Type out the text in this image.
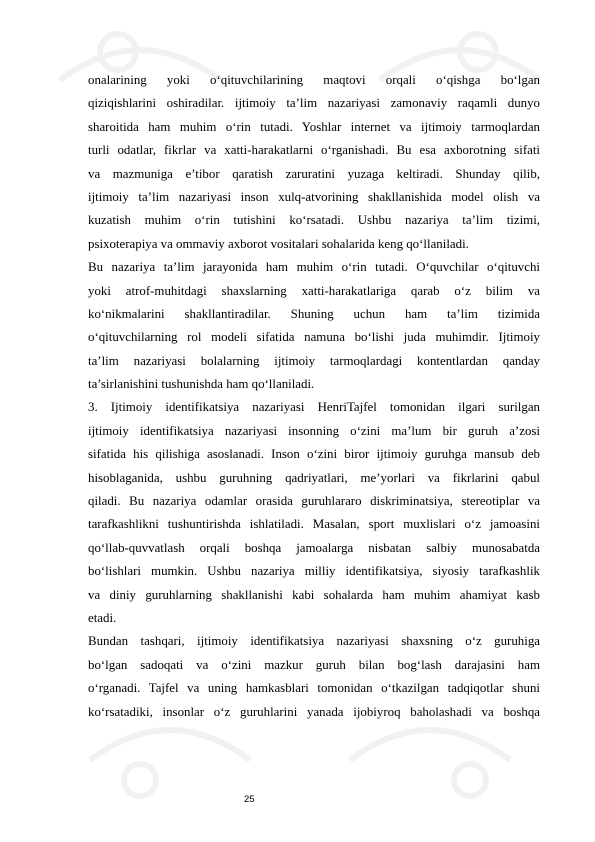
onalarining yoki o‘qituvchilarining maqtovi orqali o‘qishga bo‘lgan
qiziqishlarini oshiradilar. ijtimoiy ta’lim nazariyasi zamonaviy raqamli dunyo
sharoitida ham muhim o‘rin tutadi. Yoshlar internet va ijtimoiy tarmoqlardan
turli odatlar, fikrlar va xatti-harakatlarni o‘rganishadi. Bu esa axborotning sifati
va mazmuniga e’tibor qaratish zaruratini yuzaga keltiradi. Shunday qilib,
ijtimoiy ta’lim nazariyasi inson xulq-atvorining shakllanishida model olish va
kuzatish muhim o‘rin tutishini ko‘rsatadi. Ushbu nazariya ta’lim tizimi,
psixoterapiya va ommaviy axborot vositalari sohalarida keng qo‘llaniladi.
Bu nazariya ta’lim jarayonida ham muhim o‘rin tutadi. O‘quvchilar o‘qituvchi
yoki atrof-muhitdagi shaxslarning xatti-harakatlariga qarab o‘z bilim va
ko‘nikmalarini shakllantiradilar. Shuning uchun ham ta’lim tizimida
o‘qituvchilarning rol modeli sifatida namuna bo‘lishi juda muhimdir. Ijtimoiy
ta’lim nazariyasi bolalarning ijtimoiy tarmoqlardagi kontentlardan qanday
ta’sirlanishini tushunishda ham qo‘llaniladi.
3. Ijtimoiy identifikatsiya nazariyasi HenriTajfel tomonidan ilgari surilgan
ijtimoiy identifikatsiya nazariyasi insonning o‘zini ma’lum bir guruh a’zosi
sifatida his qilishiga asoslanadi. Inson o‘zini biror ijtimoiy guruhga mansub deb
hisoblaganida, ushbu guruhning qadriyatlari, me’yorlari va fikrlarini qabul
qiladi. Bu nazariya odamlar orasida guruhlararo diskriminatsiya, stereotiplar va
tarafkashlikni tushuntirishda ishlatiladi. Masalan, sport muxlislari o‘z jamoasini
qo‘llab-quvvatlash orqali boshqa jamoalarga nisbatan salbiy munosabatda
bo‘lishlari mumkin. Ushbu nazariya milliy identifikatsiya, siyosiy tarafkashlik
va diniy guruhlarning shakllanishi kabi sohalarda ham muhim ahamiyat kasb
etadi.
Bundan tashqari, ijtimoiy identifikatsiya nazariyasi shaxsning o‘z guruhiga
bo‘lgan sadoqati va o‘zini mazkur guruh bilan bog‘lash darajasini ham
o‘rganadi. Tajfel va uning hamkasblari tomonidan o‘tkazilgan tadqiqotlar shuni
ko‘rsatadiki, insonlar o‘z guruhlarini yanada ijobiyroq baholashadi va boshqa
25
